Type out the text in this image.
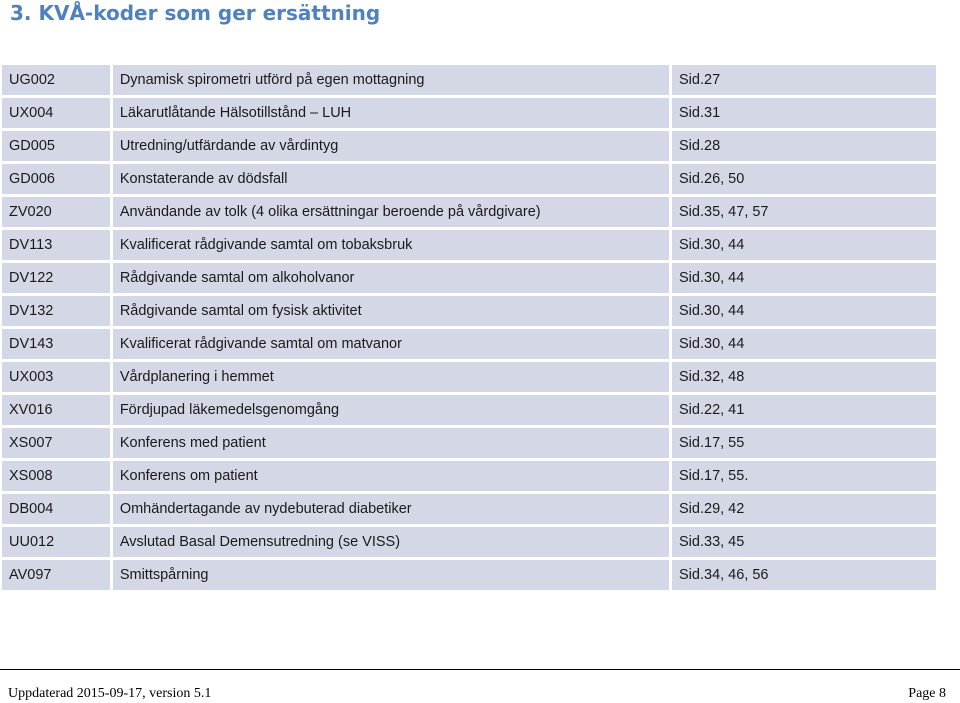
3. KVÅ-koder som ger ersättning
UG002	Dynamisk spirometri utförd på egen mottagning	Sid.27
UX004	Läkarutlåtande Hälsotillstånd – LUH	Sid.31
GD005	Utredning/utfärdande av vårdintyg	Sid.28
GD006	Konstaterande av dödsfall	Sid.26, 50
ZV020	Användande av tolk (4 olika ersättningar beroende på vårdgivare)	Sid.35, 47, 57
DV113	Kvalificerat rådgivande samtal om tobaksbruk	Sid.30, 44
DV122	Rådgivande samtal om alkoholvanor	Sid.30, 44
DV132	Rådgivande samtal om fysisk aktivitet	Sid.30, 44
DV143	Kvalificerat rådgivande samtal om matvanor	Sid.30, 44
UX003	Vårdplanering i hemmet	Sid.32, 48
XV016	Fördjupad läkemedelsgenomgång	Sid.22, 41
XS007	Konferens med patient	Sid.17, 55
XS008	Konferens om patient	Sid.17, 55.
DB004	Omhändertagande av nydebuterad diabetiker	Sid.29, 42
UU012	Avslutad Basal Demensutredning (se VISS)	Sid.33, 45
AV097	Smittspårning	Sid.34, 46, 56
Uppdaterad 2015-09-17, version 5.1	Page 8
